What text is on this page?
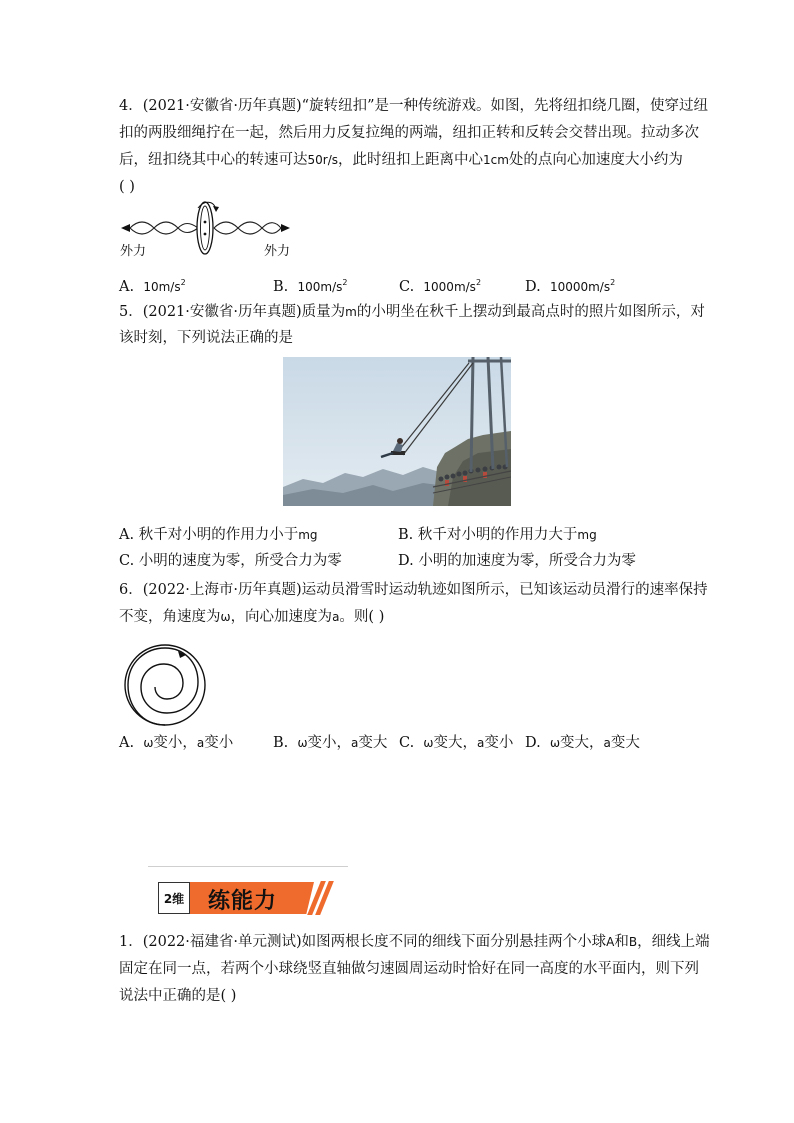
4．(2021·安徽省·历年真题)“旋转纽扣”是一种传统游戏。如图，先将纽扣绕几圈，使穿过纽
扣的两股细绳拧在一起，然后用力反复拉绳的两端，纽扣正转和反转会交替出现。拉动多次
后，纽扣绕其中心的转速可达50r/s，此时纽扣上距离中心1cm处的点向心加速度大小约为
( )
外力	外力
A. $10m/s^2$	B. $100m/s^2$	C. $1000m/s^2$	D. $10000m/s^2$
5．(2021·安徽省·历年真题)质量为m的小明坐在秋千上摆动到最高点时的照片如图所示，对
该时刻，下列说法正确的是
A. 秋千对小明的作用力小于mg	B. 秋千对小明的作用力大于mg
C. 小明的速度为零，所受合力为零	D. 小明的加速度为零，所受合力为零
6．(2022·上海市·历年真题)运动员滑雪时运动轨迹如图所示，已知该运动员滑行的速率保持
不变，角速度为ω，向心加速度为a。则( )
A. ω变小，a变小	B. ω变小，a变大 C. ω变大，a变小 D. ω变大，a变大
2维 练能力
1．(2022·福建省·单元测试)如图两根长度不同的细线下面分别悬挂两个小球A和B，细线上端
固定在同一点，若两个小球绕竖直轴做匀速圆周运动时恰好在同一高度的水平面内，则下列
说法中正确的是( )
